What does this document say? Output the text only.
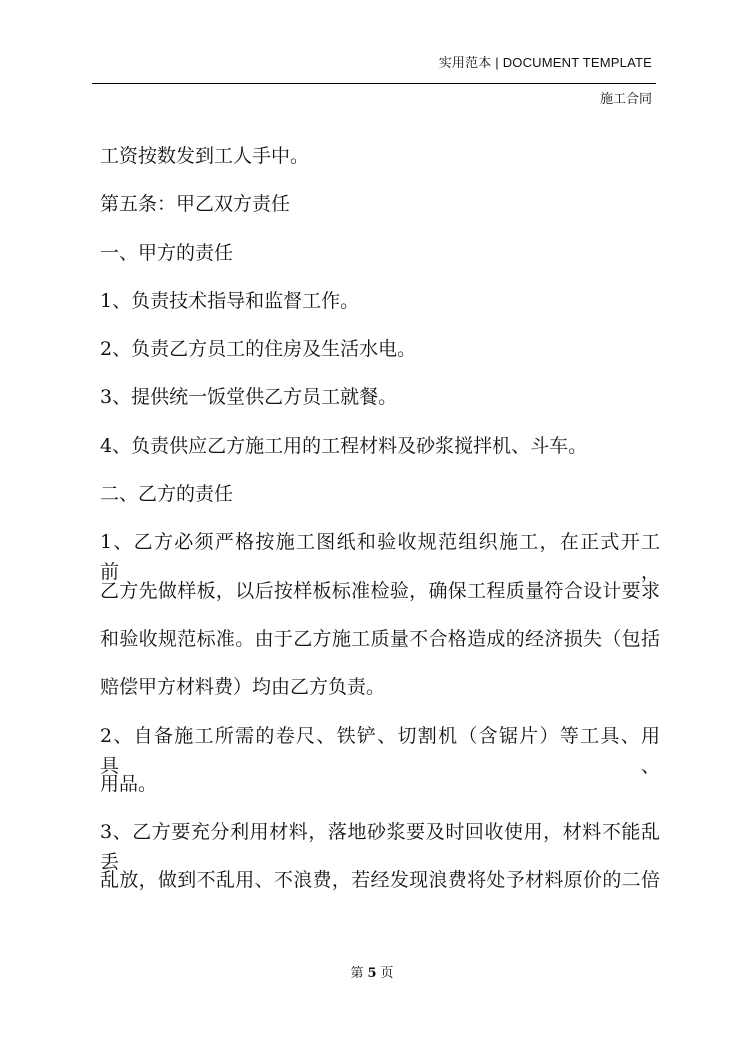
实用范本 | DOCUMENT TEMPLATE
施工合同
工资按数发到工人手中。
第五条：甲乙双方责任
一、甲方的责任
1、负责技术指导和监督工作。
2、负责乙方员工的住房及生活水电。
3、提供统一饭堂供乙方员工就餐。
4、负责供应乙方施工用的工程材料及砂浆搅拌机、斗车。
二、乙方的责任
1、乙方必须严格按施工图纸和验收规范组织施工，在正式开工前，
乙方先做样板，以后按样板标准检验，确保工程质量符合设计要求
和验收规范标准。由于乙方施工质量不合格造成的经济损失（包括
赔偿甲方材料费）均由乙方负责。
2、自备施工所需的卷尺、铁铲、切割机（含锯片）等工具、用具、
用品。
3、乙方要充分利用材料，落地砂浆要及时回收使用，材料不能乱丢
乱放，做到不乱用、不浪费，若经发现浪费将处予材料原价的二倍
第 5 页
